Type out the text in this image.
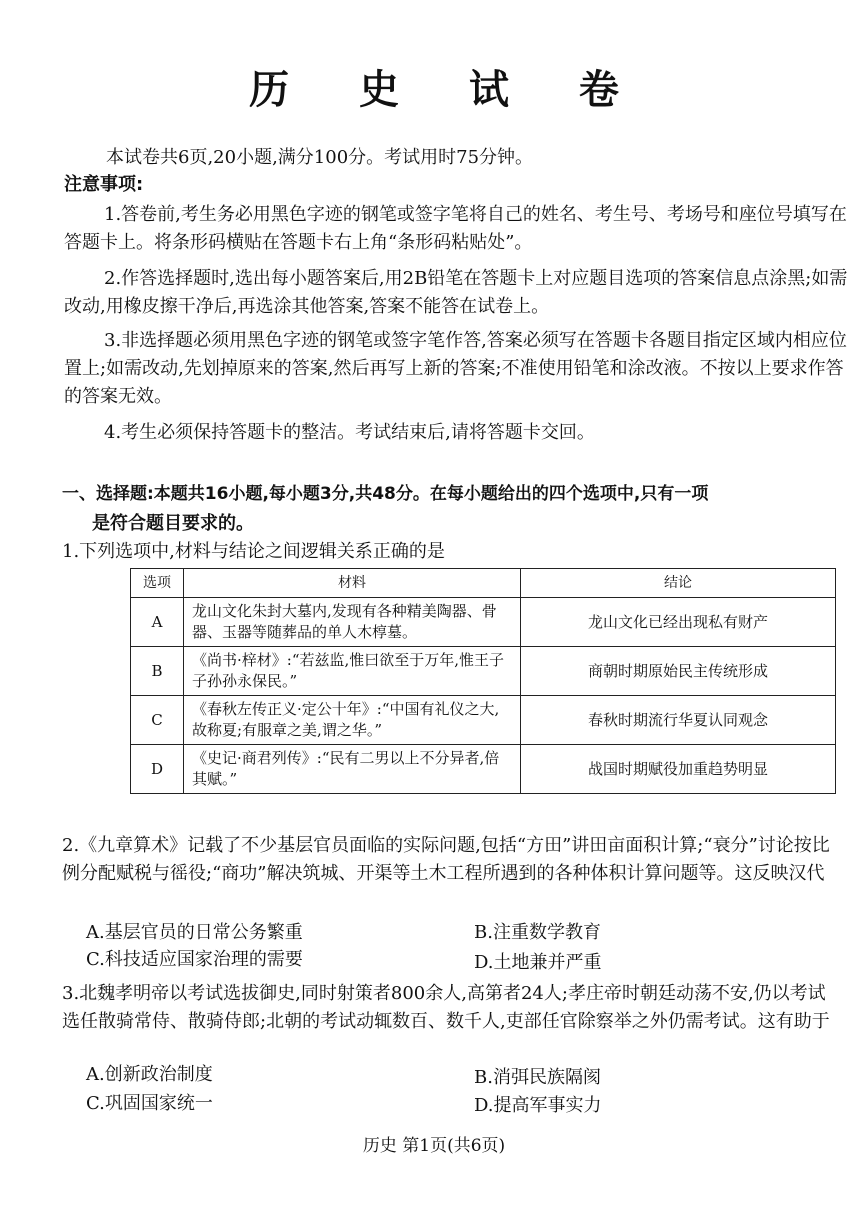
历 史 试 卷
本试卷共6页,20小题,满分100分。考试用时75分钟。
注意事项:
1.答卷前,考生务必用黑色字迹的钢笔或签字笔将自己的姓名、考生号、考场号和座位号填写在答题卡上。将条形码横贴在答题卡右上角“条形码粘贴处”。
2.作答选择题时,选出每小题答案后,用2B铅笔在答题卡上对应题目选项的答案信息点涂黑;如需改动,用橡皮擦干净后,再选涂其他答案,答案不能答在试卷上。
3.非选择题必须用黑色字迹的钢笔或签字笔作答,答案必须写在答题卡各题目指定区域内相应位置上;如需改动,先划掉原来的答案,然后再写上新的答案;不准使用铅笔和涂改液。不按以上要求作答的答案无效。
4.考生必须保持答题卡的整洁。考试结束后,请将答题卡交回。
一、选择题:本题共16小题,每小题3分,共48分。在每小题给出的四个选项中,只有一项
是符合题目要求的。
1.下列选项中,材料与结论之间逻辑关系正确的是
选项	材料	结论
A	龙山文化朱封大墓内,发现有各种精美陶器、骨器、玉器等随葬品的单人木椁墓。	龙山文化已经出现私有财产
B	《尚书·梓材》:“若兹监,惟曰欲至于万年,惟王子子孙孙永保民。”	商朝时期原始民主传统形成
C	《春秋左传正义·定公十年》:“中国有礼仪之大,故称夏;有服章之美,谓之华。”	春秋时期流行华夏认同观念
D	《史记·商君列传》:“民有二男以上不分异者,倍其赋。”	战国时期赋役加重趋势明显
2.《九章算术》记载了不少基层官员面临的实际问题,包括“方田”讲田亩面积计算;“衰分”讨论按比例分配赋税与徭役;“商功”解决筑城、开渠等土木工程所遇到的各种体积计算问题等。这反映汉代
A.基层官员的日常公务繁重	B.注重数学教育
C.科技适应国家治理的需要	D.土地兼并严重
3.北魏孝明帝以考试选拔御史,同时射策者800余人,高第者24人;孝庄帝时朝廷动荡不安,仍以考试选任散骑常侍、散骑侍郎;北朝的考试动辄数百、数千人,吏部任官除察举之外仍需考试。这有助于
A.创新政治制度	B.消弭民族隔阂
C.巩固国家统一	D.提高军事实力
历史 第1页(共6页)
